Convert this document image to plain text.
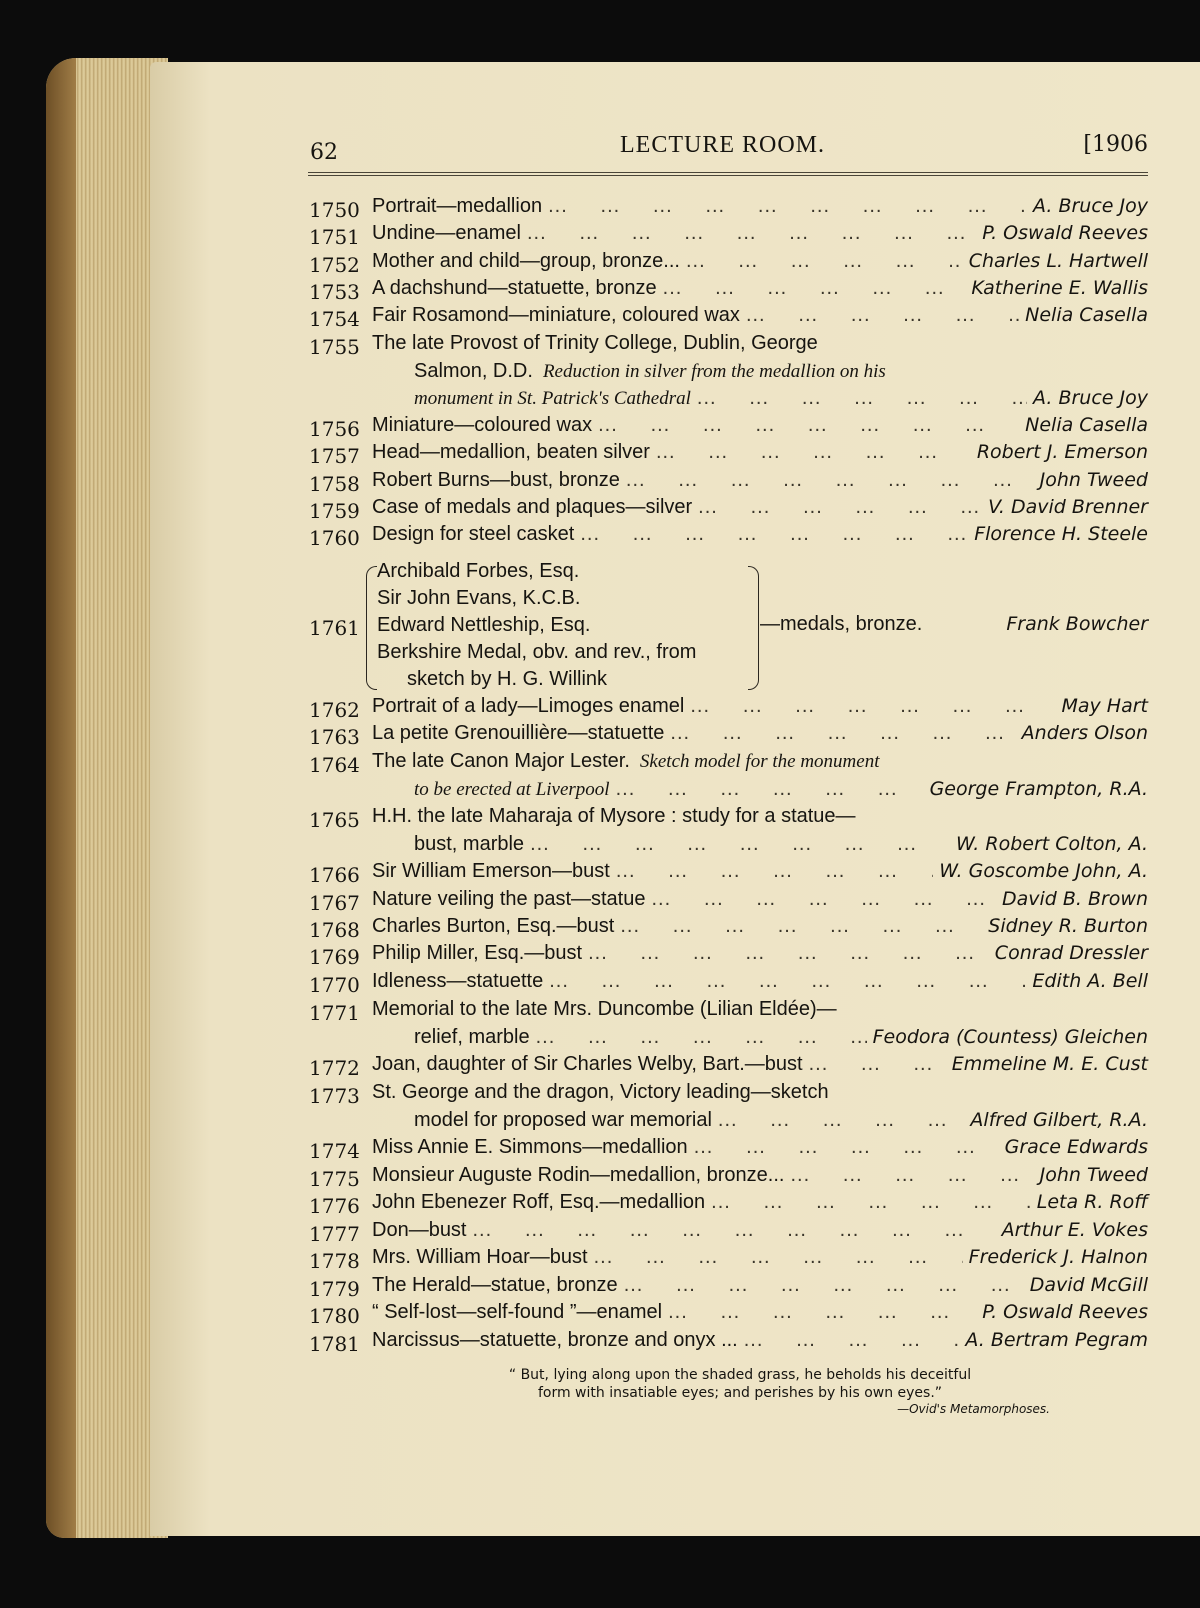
62	LECTURE ROOM.	[1906

1750 Portrait—medallion ...	A. Bruce Joy
1751 Undine—enamel ...	P. Oswald Reeves
1752 Mother and child—group, bronze... ...	Charles L. Hartwell
1753 A dachshund—statuette, bronze ...	Katherine E. Wallis
1754 Fair Rosamond—miniature, coloured wax ...	Nelia Casella
1755 The late Provost of Trinity College, Dublin, George
Salmon, D.D. Reduction in silver from the medallion on his
monument in St. Patrick's Cathedral ...	A. Bruce Joy
1756 Miniature—coloured wax ...	Nelia Casella
1757 Head—medallion, beaten silver ...	Robert J. Emerson
1758 Robert Burns—bust, bronze ...	John Tweed
1759 Case of medals and plaques—silver ...	V. David Brenner
1760 Design for steel casket ...	Florence H. Steele
1761
Archibald Forbes, Esq.
Sir John Evans, K.C.B.
Edward Nettleship, Esq.
Berkshire Medal, obv. and rev., from
sketch by H. G. Willink
—medals, bronze.	Frank Bowcher
1762 Portrait of a lady—Limoges enamel ...	May Hart
1763 La petite Grenouillière—statuette ...	Anders Olson
1764 The late Canon Major Lester. Sketch model for the monument
to be erected at Liverpool ...	George Frampton, R.A.
1765 H.H. the late Maharaja of Mysore : study for a statue—
bust, marble ...	W. Robert Colton, A.
1766 Sir William Emerson—bust ...	W. Goscombe John, A.
1767 Nature veiling the past—statue ...	David B. Brown
1768 Charles Burton, Esq.—bust ...	Sidney R. Burton
1769 Philip Miller, Esq.—bust ...	Conrad Dressler
1770 Idleness—statuette ...	Edith A. Bell
1771 Memorial to the late Mrs. Duncombe (Lilian Eldée)—
relief, marble ...	Feodora (Countess) Gleichen
1772 Joan, daughter of Sir Charles Welby, Bart.—bust ...	Emmeline M. E. Cust
1773 St. George and the dragon, Victory leading—sketch
model for proposed war memorial ...	Alfred Gilbert, R.A.
1774 Miss Annie E. Simmons—medallion ...	Grace Edwards
1775 Monsieur Auguste Rodin—medallion, bronze... ...	John Tweed
1776 John Ebenezer Roff, Esq.—medallion ...	Leta R. Roff
1777 Don—bust ...	Arthur E. Vokes
1778 Mrs. William Hoar—bust ...	Frederick J. Halnon
1779 The Herald—statue, bronze ...	David McGill
1780 “ Self-lost—self-found ”—enamel ...	P. Oswald Reeves
1781 Narcissus—statuette, bronze and onyx ... ...	A. Bertram Pegram
“ But, lying along upon the shaded grass, he beholds his deceitful
form with insatiable eyes; and perishes by his own eyes.”
—Ovid's Metamorphoses.
